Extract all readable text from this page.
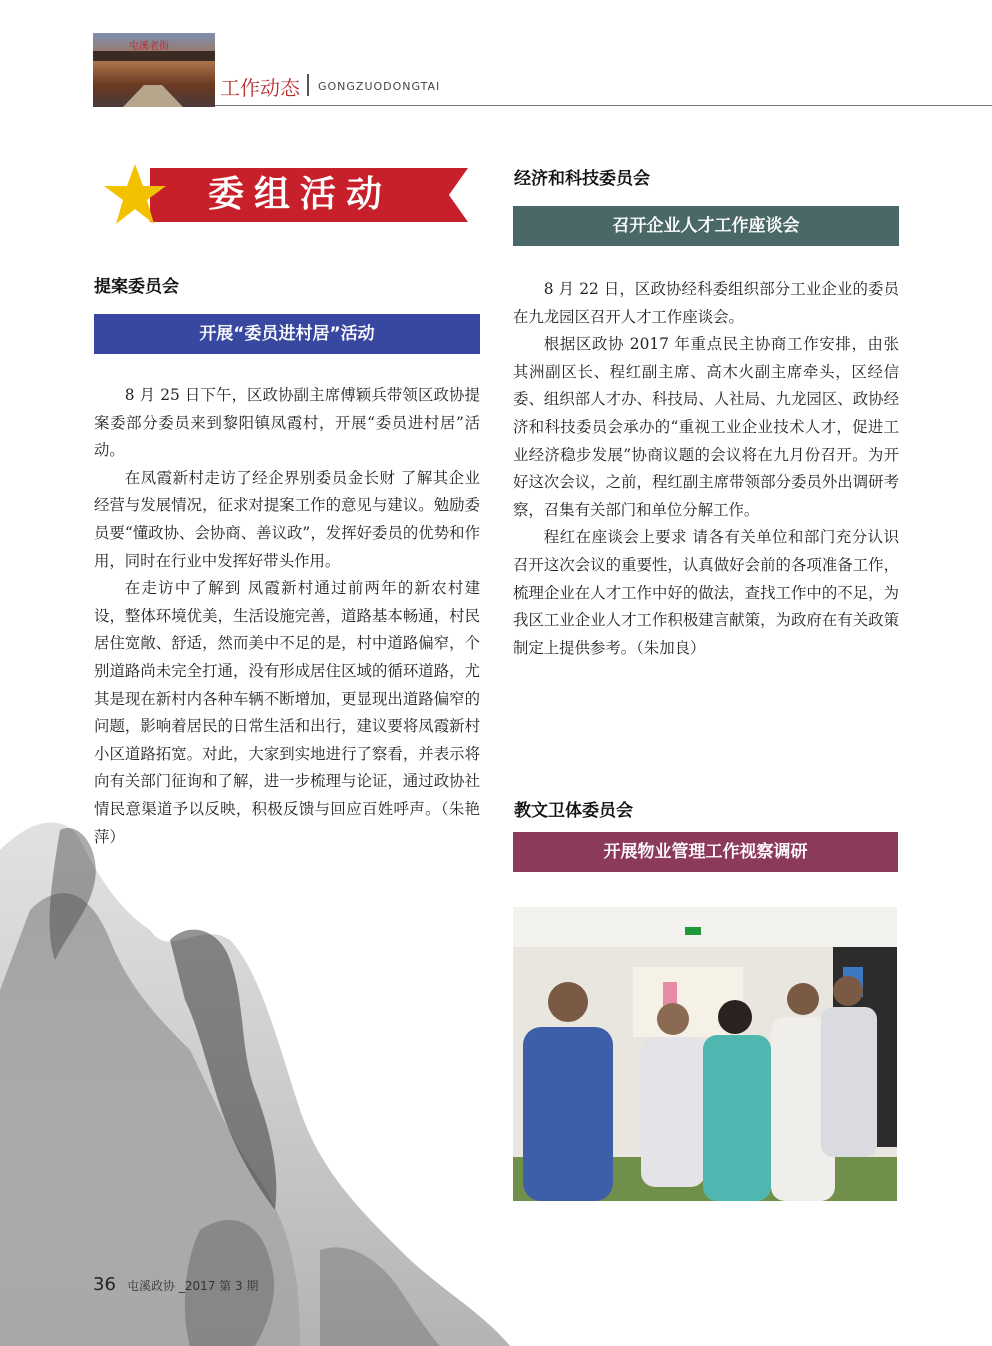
屯溪老街
工作动态 GONGZUODONGTAI
委组活动
提案委员会
开展“委员进村居”活动

8 月 25 日下午，区政协副主席傅颖兵带领区政协提案委部分委员来到黎阳镇凤霞村，开展“委员进村居”活动。

在凤霞新村走访了经企界别委员金长财 了解其企业经营与发展情况，征求对提案工作的意见与建议。勉励委员要“懂政协、会协商、善议政”，发挥好委员的优势和作用，同时在行业中发挥好带头作用。

在走访中了解到 凤霞新村通过前两年的新农村建设，整体环境优美，生活设施完善，道路基本畅通，村民居住宽敞、舒适，然而美中不足的是，村中道路偏窄，个别道路尚未完全打通，没有形成居住区域的循环道路，尤其是现在新村内各种车辆不断增加，更显现出道路偏窄的问题，影响着居民的日常生活和出行，建议要将凤霞新村小区道路拓宽。对此，大家到实地进行了察看，并表示将向有关部门征询和了解，进一步梳理与论证，通过政协社情民意渠道予以反映，积极反馈与回应百姓呼声。（朱艳萍）

经济和科技委员会
召开企业人才工作座谈会

8 月 22 日，区政协经科委组织部分工业企业的委员在九龙园区召开人才工作座谈会。

根据区政协 2017 年重点民主协商工作安排，由张其洲副区长、程红副主席、高木火副主席牵头，区经信委、组织部人才办、科技局、人社局、九龙园区、政协经济和科技委员会承办的“重视工业企业技术人才，促进工业经济稳步发展”协商议题的会议将在九月份召开。为开好这次会议，之前，程红副主席带领部分委员外出调研考察，召集有关部门和单位分解工作。

程红在座谈会上要求 请各有关单位和部门充分认识召开这次会议的重要性，认真做好会前的各项准备工作，梳理企业在人才工作中好的做法，查找工作中的不足，为我区工业企业人才工作积极建言献策，为政府在有关政策制定上提供参考。（朱加良）

教文卫体委员会
开展物业管理工作视察调研
36 屯溪政协 _2017 第 3 期
